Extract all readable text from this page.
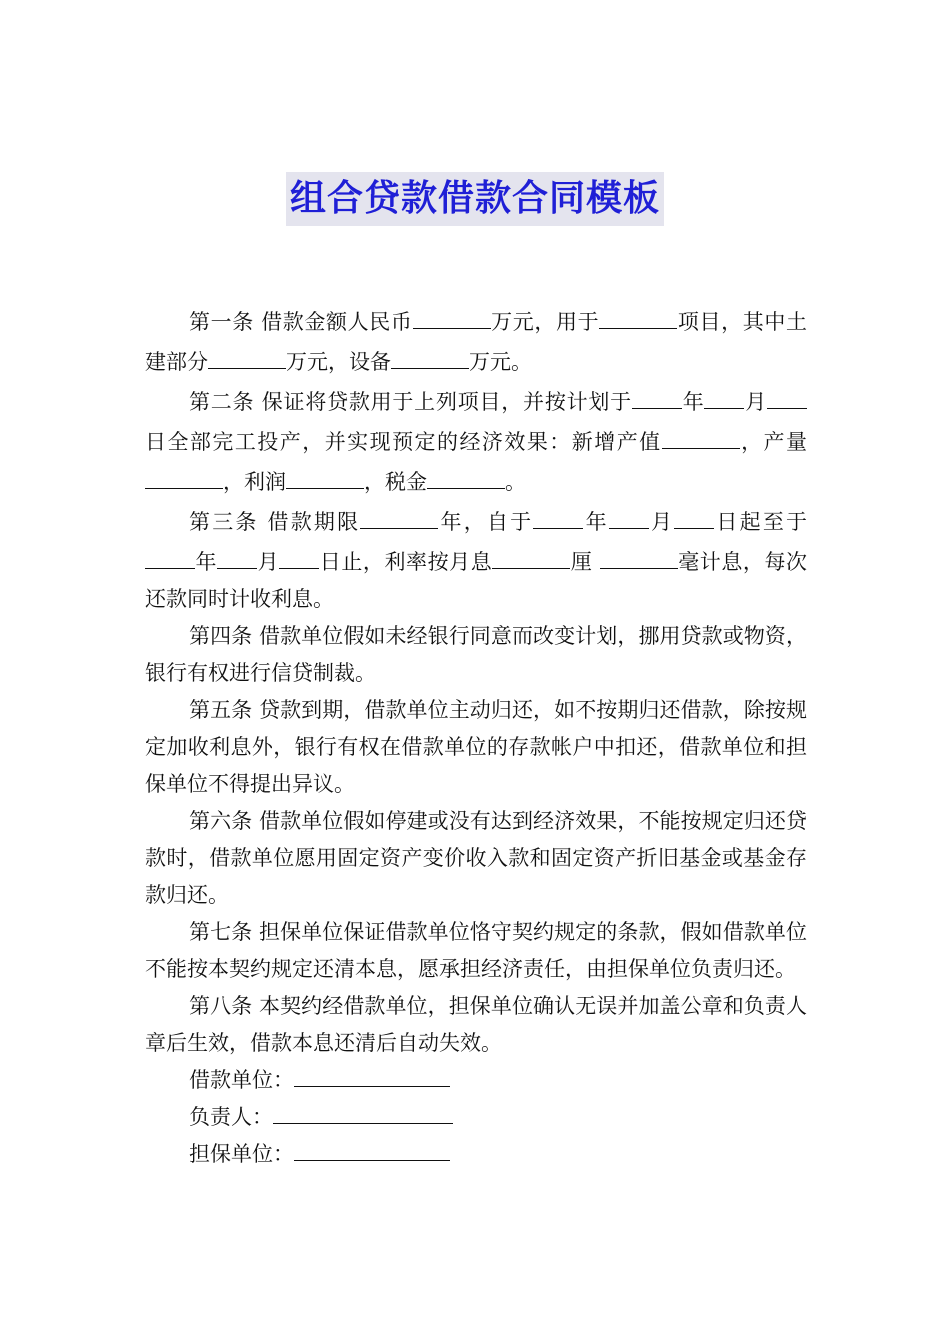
组合贷款借款合同模板

第一条 借款金额人民币	万元，用于	项目，其中土建部分	万元，设备	万元。

第二条 保证将贷款用于上列项目，并按计划于 年 月日全部完工投产，并实现预定的经济效果：新增产值	，产量，利润	，税金	。

第三条 借款期限	年，自于 年 月 日起至于年 月 日止，利率按月息	厘	毫计息，每次还款同时计收利息。

第四条 借款单位假如未经银行同意而改变计划，挪用贷款或物资，银行有权进行信贷制裁。

第五条 贷款到期，借款单位主动归还，如不按期归还借款，除按规定加收利息外，银行有权在借款单位的存款帐户中扣还，借款单位和担保单位不得提出异议。

第六条 借款单位假如停建或没有达到经济效果，不能按规定归还贷款时，借款单位愿用固定资产变价收入款和固定资产折旧基金或基金存款归还。

第七条 担保单位保证借款单位恪守契约规定的条款，假如借款单位不能按本契约规定还清本息，愿承担经济责任，由担保单位负责归还。

第八条 本契约经借款单位，担保单位确认无误并加盖公章和负责人章后生效，借款本息还清后自动失效。

借款单位：

负责人：

担保单位：
